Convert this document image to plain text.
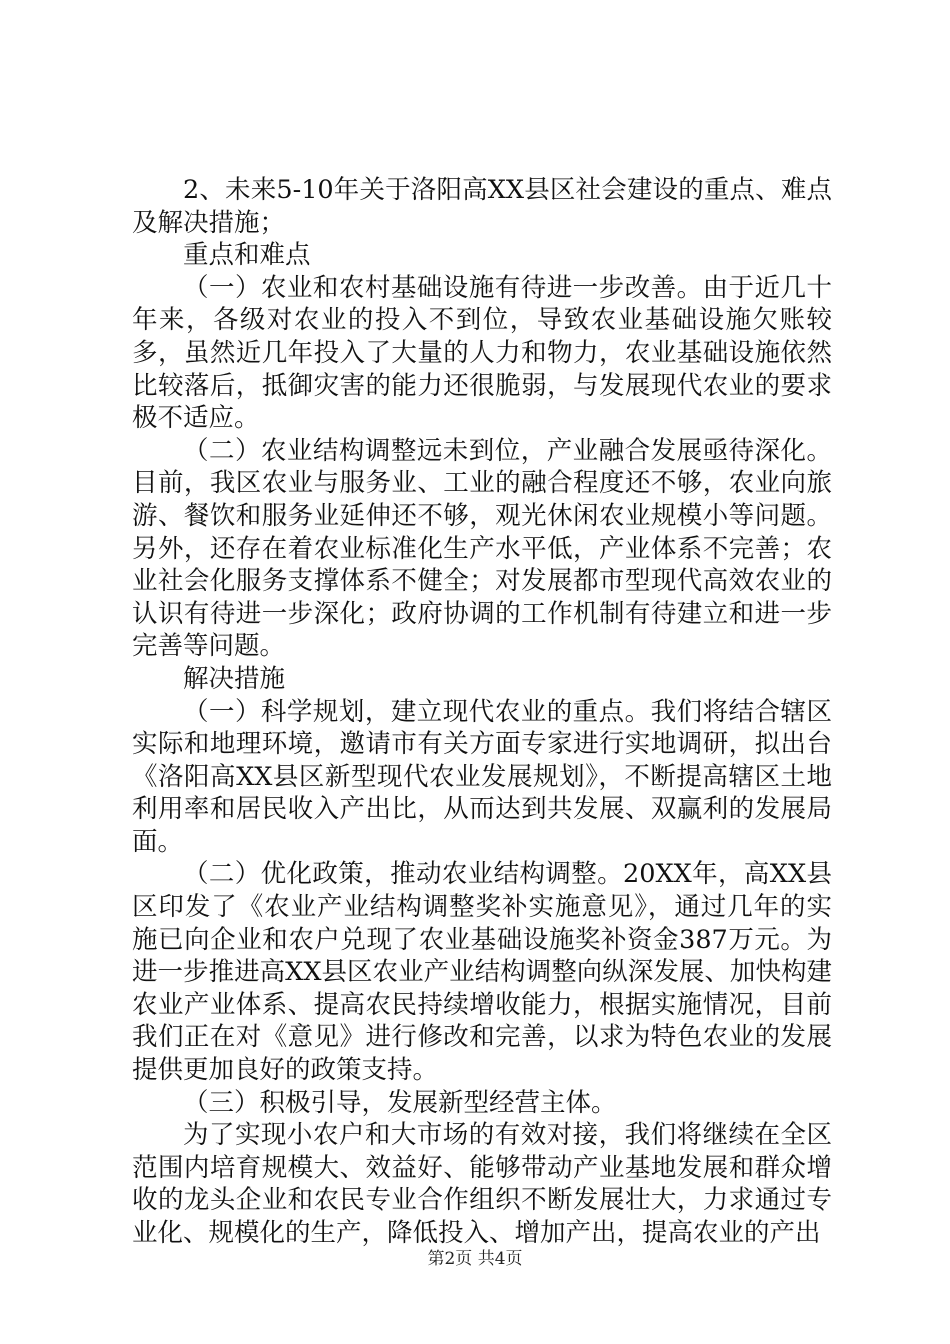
2、未来5-10年关于洛阳高XX县区社会建设的重点、难点及解决措施；

重点和难点

（一）农业和农村基础设施有待进一步改善。由于近几十年来，各级对农业的投入不到位，导致农业基础设施欠账较多，虽然近几年投入了大量的人力和物力，农业基础设施依然比较落后，抵御灾害的能力还很脆弱，与发展现代农业的要求极不适应。

（二）农业结构调整远未到位，产业融合发展亟待深化。目前，我区农业与服务业、工业的融合程度还不够，农业向旅游、餐饮和服务业延伸还不够，观光休闲农业规模小等问题。另外，还存在着农业标准化生产水平低，产业体系不完善；农业社会化服务支撑体系不健全；对发展都市型现代高效农业的认识有待进一步深化；政府协调的工作机制有待建立和进一步完善等问题。

解决措施

（一）科学规划，建立现代农业的重点。我们将结合辖区实际和地理环境，邀请市有关方面专家进行实地调研，拟出台《洛阳高XX县区新型现代农业发展规划》，不断提高辖区土地利用率和居民收入产出比，从而达到共发展、双赢利的发展局面。

（二）优化政策，推动农业结构调整。20XX年，高XX县区印发了《农业产业结构调整奖补实施意见》，通过几年的实施已向企业和农户兑现了农业基础设施奖补资金387万元。为进一步推进高XX县区农业产业结构调整向纵深发展、加快构建农业产业体系、提高农民持续增收能力，根据实施情况，目前我们正在对《意见》进行修改和完善，以求为特色农业的发展提供更加良好的政策支持。

（三）积极引导，发展新型经营主体。

为了实现小农户和大市场的有效对接，我们将继续在全区范围内培育规模大、效益好、能够带动产业基地发展和群众增收的龙头企业和农民专业合作组织不断发展壮大，力求通过专业化、规模化的生产，降低投入、增加产出，提高农业的产出

第2页 共4页
